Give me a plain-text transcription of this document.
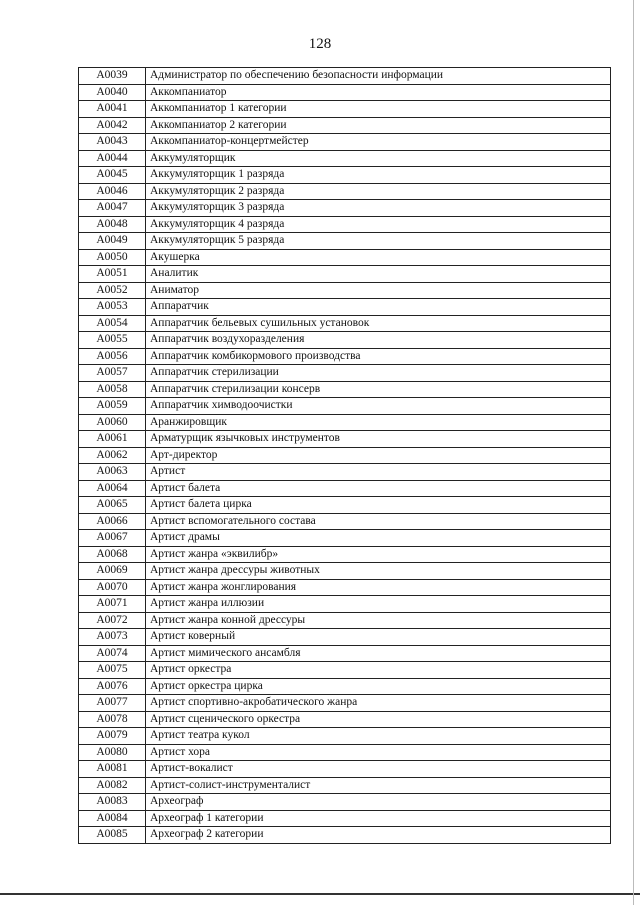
128
A0039	Администратор по обеспечению безопасности информации
A0040	Аккомпаниатор
A0041	Аккомпаниатор 1 категории
A0042	Аккомпаниатор 2 категории
A0043	Аккомпаниатор-концертмейстер
A0044	Аккумуляторщик
A0045	Аккумуляторщик 1 разряда
A0046	Аккумуляторщик 2 разряда
A0047	Аккумуляторщик 3 разряда
A0048	Аккумуляторщик 4 разряда
A0049	Аккумуляторщик 5 разряда
A0050	Акушерка
A0051	Аналитик
A0052	Аниматор
A0053	Аппаратчик
A0054	Аппаратчик бельевых сушильных установок
A0055	Аппаратчик воздухоразделения
A0056	Аппаратчик комбикормового производства
A0057	Аппаратчик стерилизации
A0058	Аппаратчик стерилизации консерв
A0059	Аппаратчик химводоочистки
A0060	Аранжировщик
A0061	Арматурщик язычковых инструментов
A0062	Арт-директор
A0063	Артист
A0064	Артист балета
A0065	Артист балета цирка
A0066	Артист вспомогательного состава
A0067	Артист драмы
A0068	Артист жанра «эквилибр»
A0069	Артист жанра дрессуры животных
A0070	Артист жанра жонглирования
A0071	Артист жанра иллюзии
A0072	Артист жанра конной дрессуры
A0073	Артист коверный
A0074	Артист мимического ансамбля
A0075	Артист оркестра
A0076	Артист оркестра цирка
A0077	Артист спортивно-акробатического жанра
A0078	Артист сценического оркестра
A0079	Артист театра кукол
A0080	Артист хора
A0081	Артист-вокалист
A0082	Артист-солист-инструменталист
A0083	Археограф
A0084	Археограф 1 категории
A0085	Археограф 2 категории
